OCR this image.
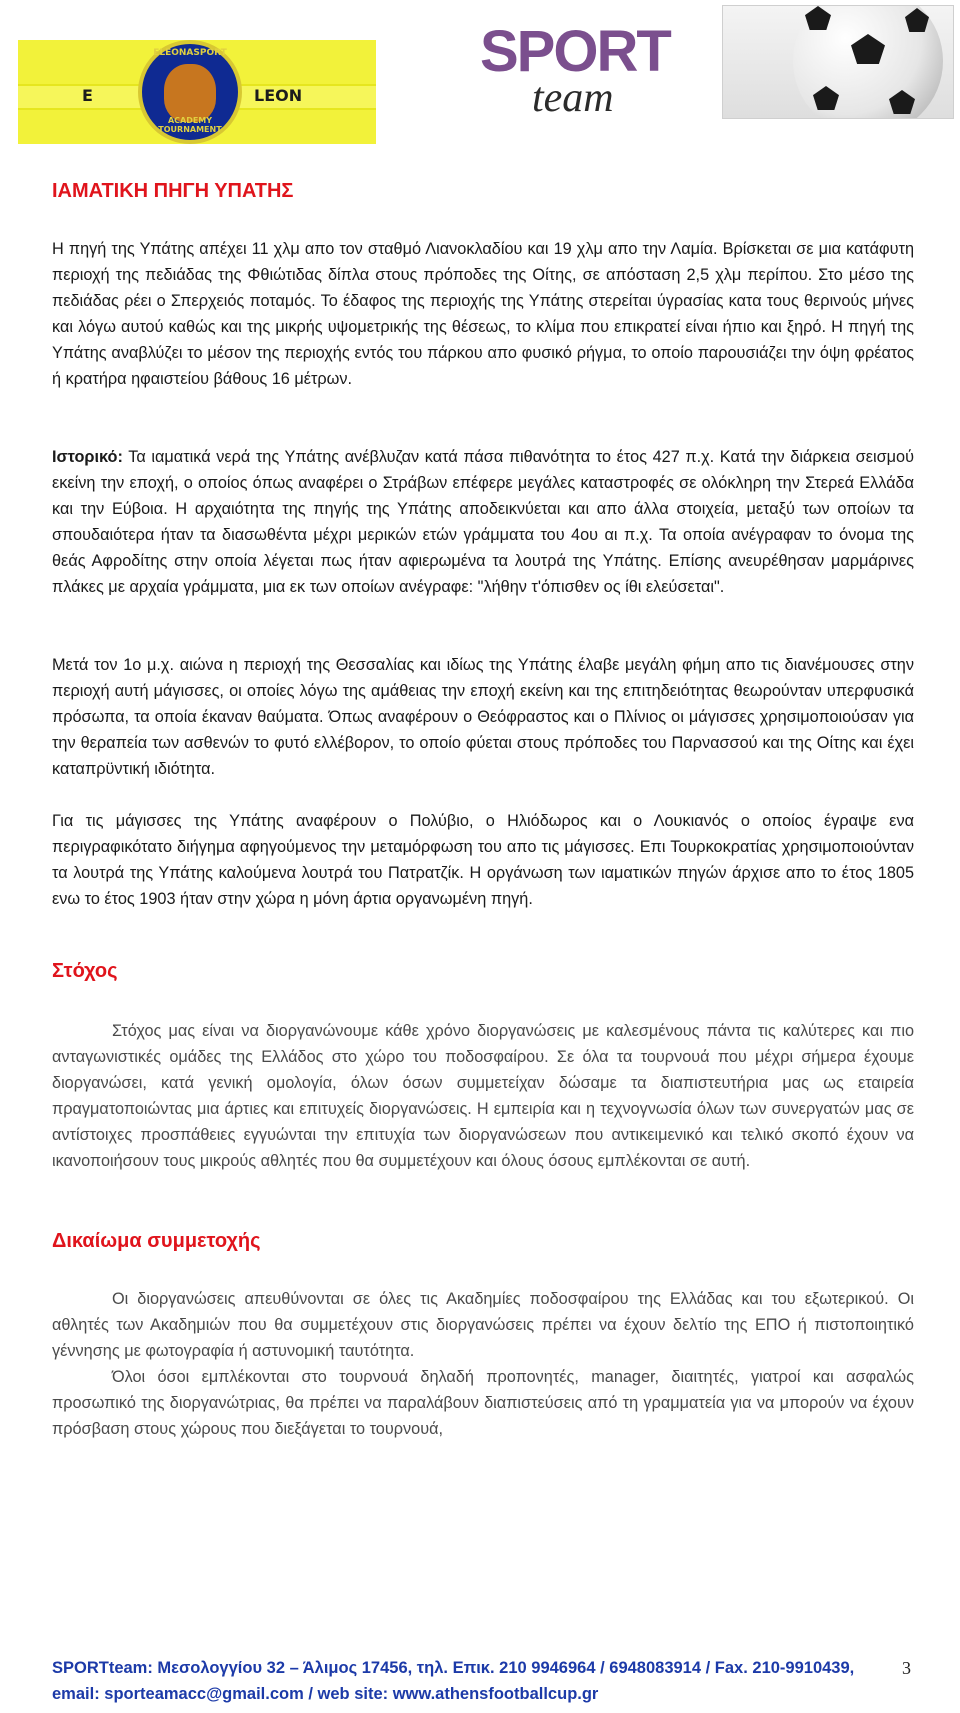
E	LEON
ELEONASPORT
ACADEMY TOURNAMENT
SPORT
team
ΙΑΜΑΤΙΚΗ ΠΗΓΗ ΥΠΑΤΗΣ
Η πηγή της Υπάτης απέχει 11 χλμ απο τον σταθμό Λιανοκλαδίου και 19 χλμ απο την Λαμία. Βρίσκεται σε μια κατάφυτη περιοχή της πεδιάδας της Φθιώτιδας δίπλα στους πρόποδες της Οίτης, σε απόσταση 2,5 χλμ περίπου. Στο μέσο της πεδιάδας ρέει ο Σπερχειός ποταμός. Το έδαφος της περιοχής της Υπάτης στερείται ύγρασίας κατα τους θερινούς μήνες και λόγω αυτού καθώς και της μικρής υψομετρικής της θέσεως, το κλίμα που επικρατεί είναι ήπιο και ξηρό. Η πηγή της Υπάτης αναβλύζει το μέσον της περιοχής εντός του πάρκου απο φυσικό ρήγμα, το οποίο παρουσιάζει την όψη φρέατος ή κρατήρα ηφαιστείου βάθους 16 μέτρων.
Ιστορικό: Τα ιαματικά νερά της Υπάτης ανέβλυζαν κατά πάσα πιθανότητα το έτος 427 π.χ. Κατά την διάρκεια σεισμού εκείνη την εποχή, ο οποίος όπως αναφέρει ο Στράβων επέφερε μεγάλες καταστροφές σε ολόκληρη την Στερεά Ελλάδα και την Εύβοια. Η αρχαιότητα της πηγής της Υπάτης αποδεικνύεται και απο άλλα στοιχεία, μεταξύ των οποίων τα σπουδαιότερα ήταν τα διασωθέντα μέχρι μερικών ετών γράμματα του 4ου αι π.χ. Τα οποία ανέγραφαν το όνομα της θεάς Αφροδίτης στην οποία λέγεται πως ήταν αφιερωμένα τα λουτρά της Υπάτης. Επίσης ανευρέθησαν μαρμάρινες πλάκες με αρχαία γράμματα, μια εκ των οποίων ανέγραφε: "λήθην τ'όπισθεν ος ίθι ελεύσεται".
Μετά τον 1ο μ.χ. αιώνα η περιοχή της Θεσσαλίας και ιδίως της Υπάτης έλαβε μεγάλη φήμη απο τις διανέμουσες στην περιοχή αυτή μάγισσες, οι οποίες λόγω της αμάθειας την εποχή εκείνη και της επιτηδειότητας θεωρούνταν υπερφυσικά πρόσωπα, τα οποία έκαναν θαύματα. Όπως αναφέρουν ο Θεόφραστος και ο Πλίνιος οι μάγισσες χρησιμοποιούσαν για την θεραπεία των ασθενών το φυτό ελλέβορον, το οποίο φύεται στους πρόποδες του Παρνασσού και της Οίτης και έχει καταπρϋντική ιδιότητα.
Για τις μάγισσες της Υπάτης αναφέρουν ο Πολύβιο, ο Ηλιόδωρος και ο Λουκιανός ο οποίος έγραψε ενα περιγραφικότατο διήγημα αφηγούμενος την μεταμόρφωση του απο τις μάγισσες. Επι Τουρκοκρατίας χρησιμοποιούνταν τα λουτρά της Υπάτης καλούμενα λουτρά του Πατρατζίκ. Η οργάνωση των ιαματικών πηγών άρχισε απο το έτος 1805 ενω το έτος 1903 ήταν στην χώρα η μόνη άρτια οργανωμένη πηγή.
Στόχος
Στόχος μας είναι να διοργανώνουμε κάθε χρόνο διοργανώσεις με καλεσμένους πάντα τις καλύτερες και πιο ανταγωνιστικές ομάδες της Ελλάδος στο χώρο του ποδοσφαίρου. Σε όλα τα τουρνουά που μέχρι σήμερα έχουμε διοργανώσει, κατά γενική ομολογία, όλων όσων συμμετείχαν δώσαμε τα διαπιστευτήρια μας ως εταιρεία πραγματοποιώντας μια άρτιες και επιτυχείς διοργανώσεις. Η εμπειρία και η τεχνογνωσία όλων των συνεργατών μας σε αντίστοιχες προσπάθειες εγγυώνται την επιτυχία των διοργανώσεων που αντικειμενικό και τελικό σκοπό έχουν να ικανοποιήσουν τους μικρούς αθλητές που θα συμμετέχουν και όλους όσους εμπλέκονται σε αυτή.
Δικαίωμα συμμετοχής
Οι διοργανώσεις απευθύνονται σε όλες τις Ακαδημίες ποδοσφαίρου της Ελλάδας και του εξωτερικού. Οι αθλητές των Ακαδημιών που θα συμμετέχουν στις διοργανώσεις πρέπει να έχουν δελτίο της ΕΠΟ ή πιστοποιητικό γέννησης με φωτογραφία ή αστυνομική ταυτότητα.
Όλοι όσοι εμπλέκονται στο τουρνουά δηλαδή προπονητές, manager, διαιτητές, γιατροί και ασφαλώς προσωπικό της διοργανώτριας, θα πρέπει να παραλάβουν διαπιστεύσεις από τη γραμματεία για να μπορούν να έχουν πρόσβαση στους χώρους που διεξάγεται το τουρνουά,
SPORTteam: Μεσολογγίου 32 – Άλιμος 17456, τηλ. Επικ. 210 9946964 / 6948083914 / Fax. 210-9910439, email: sporteamacc@gmail.com / web site: www.athensfootballcup.gr
3
